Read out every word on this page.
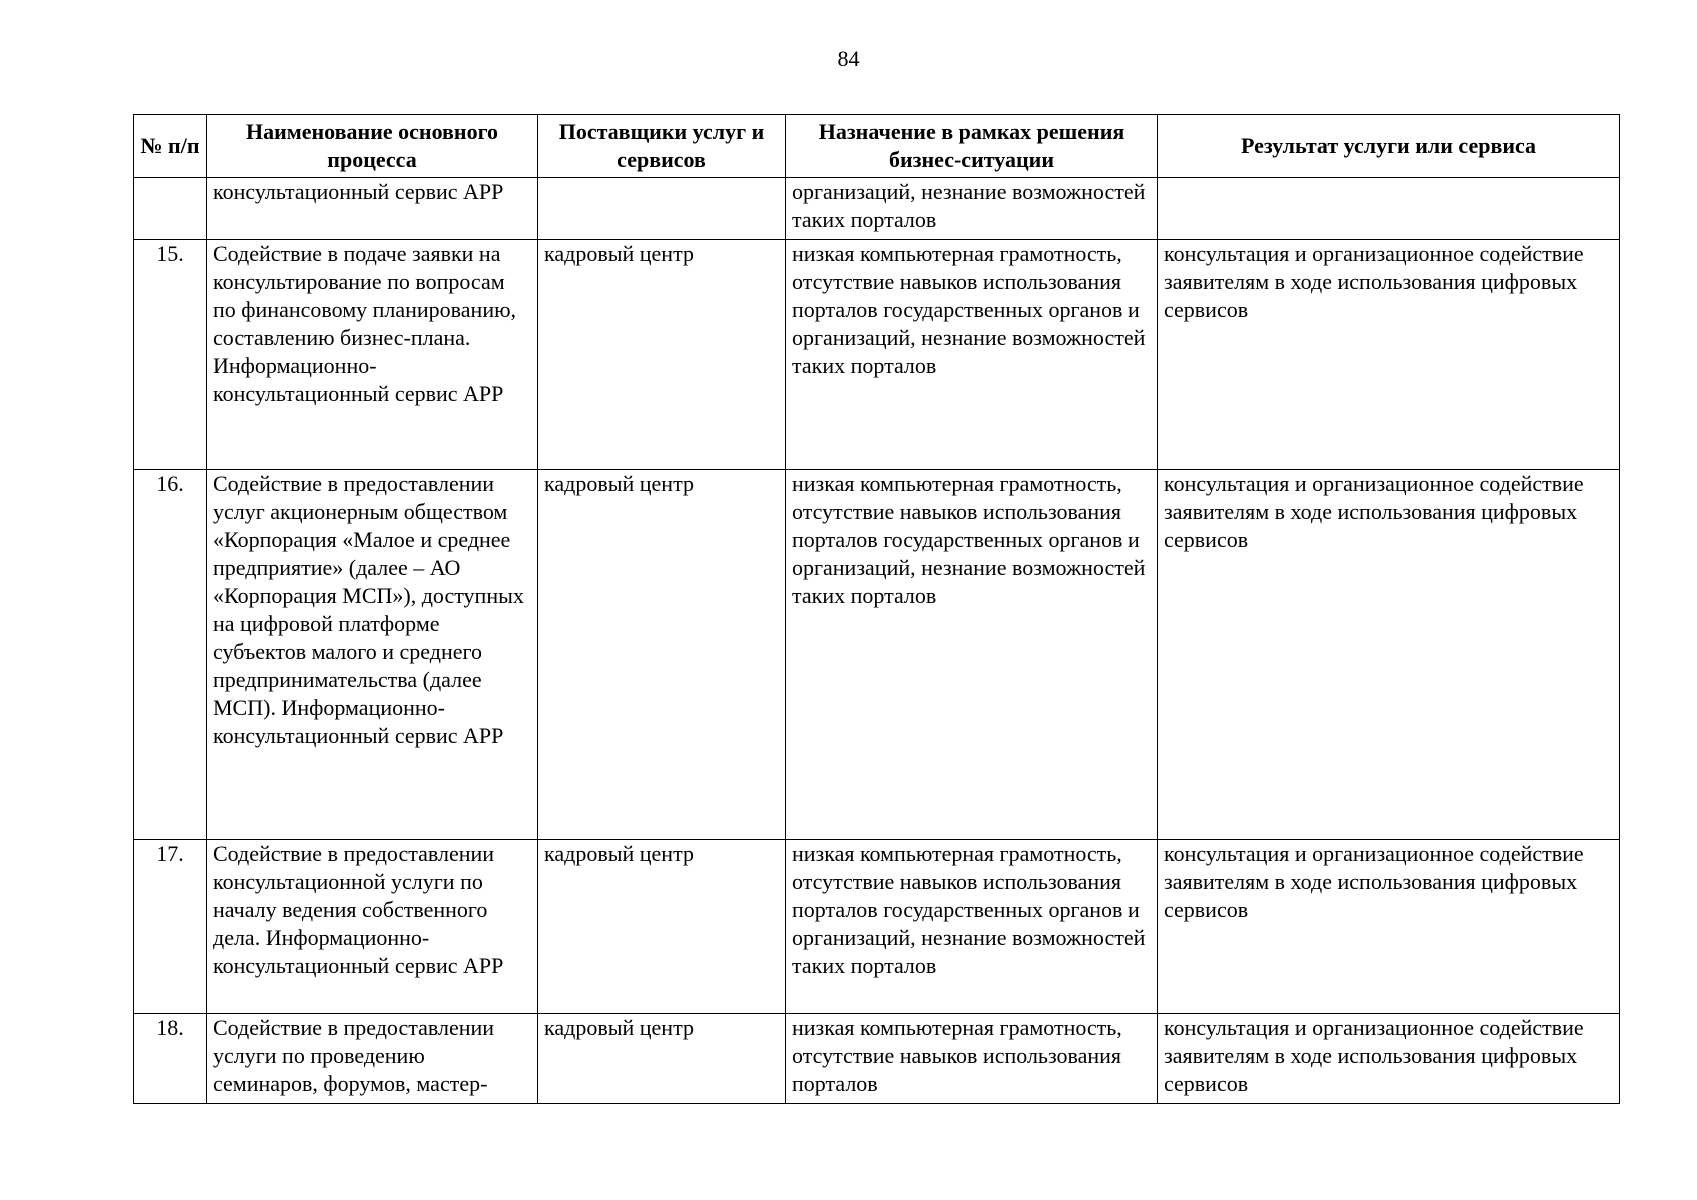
84
№ п/п	Наименование основного процесса	Поставщики услуг и сервисов	Назначение в рамках решения бизнес-ситуации	Результат услуги или сервиса
	консультационный сервис АРР		организаций, незнание возможностей таких порталов	
15.	Содействие в подаче заявки на консультирование по вопросам по финансовому планированию, составлению бизнес-плана. Информационно-консультационный сервис АРР	кадровый центр	низкая компьютерная грамотность, отсутствие навыков использования порталов государственных органов и организаций, незнание возможностей таких порталов	консультация и организационное содействие заявителям в ходе использования цифровых сервисов
16.	Содействие в предоставлении услуг акционерным обществом «Корпорация «Малое и среднее предприятие» (далее – АО «Корпорация МСП»), доступных на цифровой платформе субъектов малого и среднего предпринимательства (далее МСП). Информационно-консультационный сервис АРР	кадровый центр	низкая компьютерная грамотность, отсутствие навыков использования порталов государственных органов и организаций, незнание возможностей таких порталов	консультация и организационное содействие заявителям в ходе использования цифровых сервисов
17.	Содействие в предоставлении консультационной услуги по началу ведения собственного дела. Информационно-консультационный сервис АРР	кадровый центр	низкая компьютерная грамотность, отсутствие навыков использования порталов государственных органов и организаций, незнание возможностей таких порталов	консультация и организационное содействие заявителям в ходе использования цифровых сервисов
18.	Содействие в предоставлении услуги по проведению семинаров, форумов, мастер-	кадровый центр	низкая компьютерная грамотность, отсутствие навыков использования порталов	консультация и организационное содействие заявителям в ходе использования цифровых сервисов
